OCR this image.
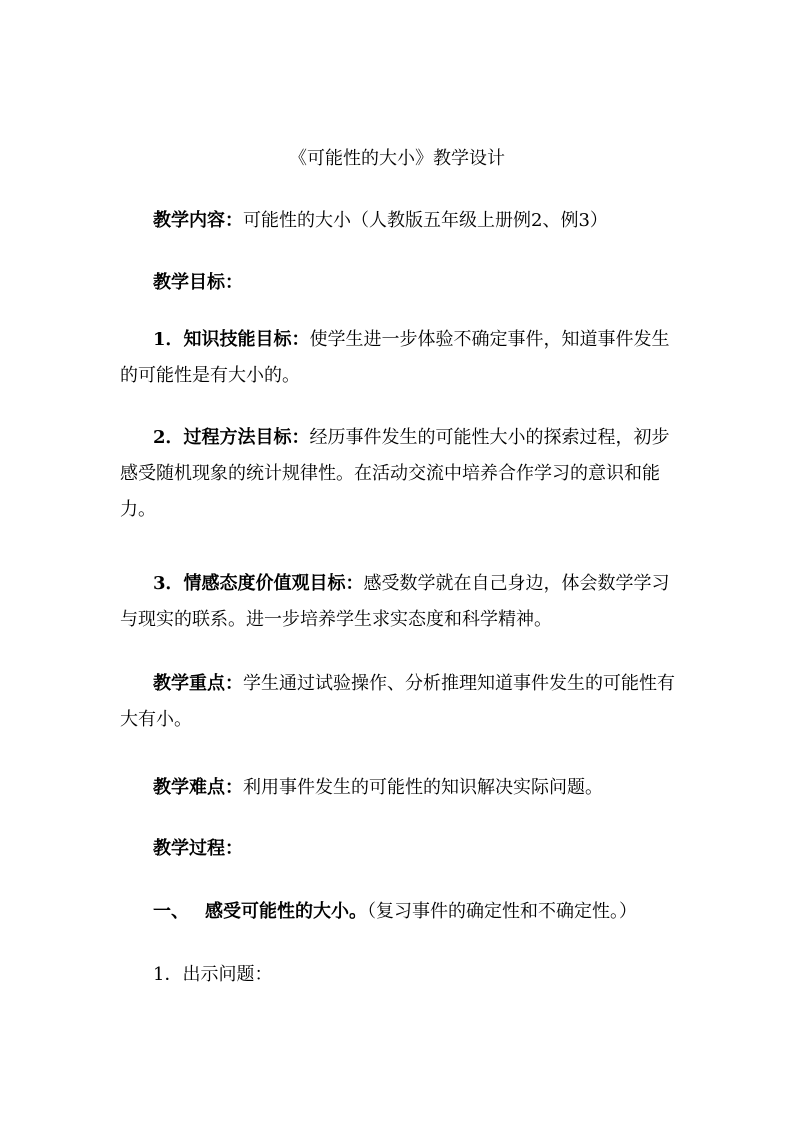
《可能性的大小》教学设计

教学内容：可能性的大小（人教版五年级上册例2、例3）

教学目标：

1．知识技能目标：使学生进一步体验不确定事件，知道事件发生的可能性是有大小的。

2．过程方法目标：经历事件发生的可能性大小的探索过程，初步感受随机现象的统计规律性。在活动交流中培养合作学习的意识和能力。

3．情感态度价值观目标：感受数学就在自己身边，体会数学学习与现实的联系。进一步培养学生求实态度和科学精神。

教学重点：学生通过试验操作、分析推理知道事件发生的可能性有大有小。

教学难点：利用事件发生的可能性的知识解决实际问题。

教学过程：

一、 感受可能性的大小。（复习事件的确定性和不确定性。）

1．出示问题：
